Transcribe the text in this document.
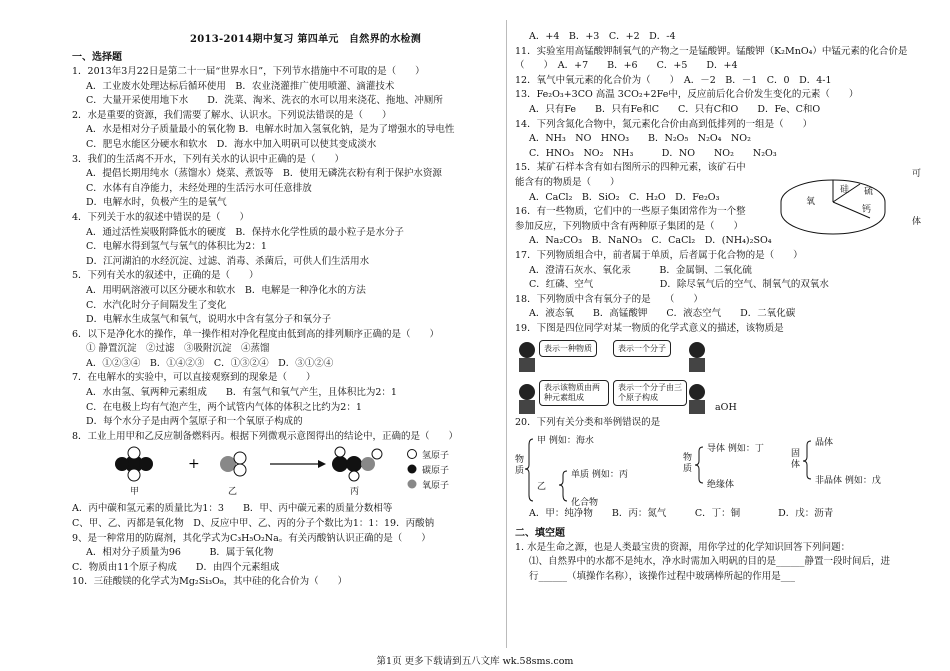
2013-2014期中复习 第四单元　自然界的水检测
一、选择题
1．2013年3月22日是第二十一届“世界水日”，下列节水措施中不可取的是（　　）
A．工业废水处理达标后循环使用　B．农业浇灌推广使用喷灌、滴灌技术
C．大量开采使用地下水　　D．洗菜、淘米、洗衣的水可以用来浇花、拖地、冲厕所
2．水是重要的资源，我们需要了解水、认识水。下列说法错误的是（　　）
A．水是相对分子质量最小的氧化物 B．电解水时加入氢氧化钠，是为了增强水的导电性
C．肥皂水能区分硬水和软水　D．海水中加入明矾可以使其变成淡水
3．我们的生活离不开水，下列有关水的认识中正确的是（　　）
A．提倡长期用纯水（蒸馏水）烧菜、煮饭等　B．使用无磷洗衣粉有利于保护水资源
C．水体有自净能力，未经处理的生活污水可任意排放
D．电解水时，负极产生的是氧气
4．下列关于水的叙述中错误的是（　　）
A．通过活性炭吸附降低水的硬度　B．保持水化学性质的最小粒子是水分子
C．电解水得到氢气与氧气的体积比为2：1
D．江河湖泊的水经沉淀、过滤、消毒、杀菌后，可供人们生活用水
5．下列有关水的叙述中，正确的是（　　）
A．用明矾溶液可以区分硬水和软水　B．电解是一种净化水的方法
C．水汽化时分子间隔发生了变化
D．电解水生成氢气和氧气，说明水中含有氢分子和氧分子
6．以下是净化水的操作，单一操作相对净化程度由低到高的排列顺序正确的是（　　）
① 静置沉淀　②过滤　③吸附沉淀　④蒸馏
A．①②③④　B．①④②③　C．①③②④　D．③①②④
7．在电解水的实验中，可以直接观察到的现象是（　　）
A．水由氢、氧两种元素组成　　B．有氢气和氧气产生，且体积比为2：1
C．在电极上均有气泡产生，两个试管内气体的体积之比约为2：1
D．每个水分子是由两个氢原子和一个氧原子构成的
8．工业上用甲和乙反应制备燃料丙。根据下列微观示意图得出的结论中，正确的是（　　）
+
甲	乙	丙
氢原子
碳原子
氧原子
A．丙中碳和氢元素的质量比为1：3　　B．甲、丙中碳元素的质量分数相等
C、甲、乙、丙都是氧化物　D、反应中甲、乙、丙的分子个数比为1：1：19．丙酸钠
9、是一种常用的防腐剂，其化学式为C₃H₅O₂Na。有关丙酸钠认识正确的是（　　）
A．相对分子质量为96　　　B．属于氧化物
C．物质由11个原子构成　　D．由四个元素组成
10．三硅酸镁的化学式为Mg₂Si₃O₈，其中硅的化合价为（　　）
A．+4　B．+3　C．+2　D．-4
11．实验室用高锰酸钾制氧气的产物之一是锰酸钾。锰酸钾（K₂MnO₄）中锰元素的化合价是
（　　）　A．+7　　B．+6　　C．+5　　D．+4
12．氧气中氧元素的化合价为（　　）　A．－2　B．－1　C．0　D．4-1
13．Fe₂O₃+3CO 高温 3CO₂+2Fe中，反应前后化合价发生变化的元素（　　）
A．只有Fe　　B．只有Fe和C　　C．只有C和O　　D．Fe、C和O
14．下列含氮化合物中，氮元素化合价由高到低排列的一组是（　　）
A．NH₃　NO　HNO₃　　B．N₂O₅　N₂O₄　NO₂
C．HNO₃　NO₂　NH₃　　　D．NO　　NO₂　　N₂O₃
15．某矿石样本含有如右图所示的四种元素，该矿石中
能含有的物质是（　　）
A．CaCl₂　B．SiO₂　C．H₂O　D．Fe₂O₃
16．有一些物质，它们中的一些原子集团常作为一个整
参加反应，下列物质中含有两种原子集团的是（　　）
A．Na₂CO₃　B．NaNO₃　C．CaCl₂　D．(NH₄)₂SO₄
17．下列物质组合中，前者属于单质，后者属于化合物的是（　　）
A．澄清石灰水、氧化汞　　　B．金属铜、二氧化硫
C．红磷、空气　　　　　　　D．除尽氧气后的空气、制氧气的双氧水
18．下列物质中含有氧分子的是　　（　　）
A．液态氧　　B．高锰酸钾　　C．液态空气　　D．二氧化碳
19．下图是四位同学对某一物质的化学式意义的描述，该物质是
表示一种物质	表示一个分子
表示该物质由两种元素组成
表示一个分子由三个原子构成
aOH
20．下列有关分类和举例错误的是
物质
甲 例如：海水
乙
单质 例如：丙
化合物
物质
导体 例如：丁
绝缘体
固体
晶体
非晶体 例如：戊
A．甲：纯净物　　B．丙：氮气　　　C．丁：铜　　　　D．戊：沥青
二、填空题
1. 水是生命之源，也是人类最宝贵的资源，用你学过的化学知识回答下列问题：
⑴、自然界中的水都不是纯水，净水时需加入明矾的目的是______静置一段时间后，进
行______（填操作名称），该操作过程中玻璃棒所起的作用是___
硅 硫
氧
钙
可
体
第1页 更多下载请到五八文库 wk.58sms.com
